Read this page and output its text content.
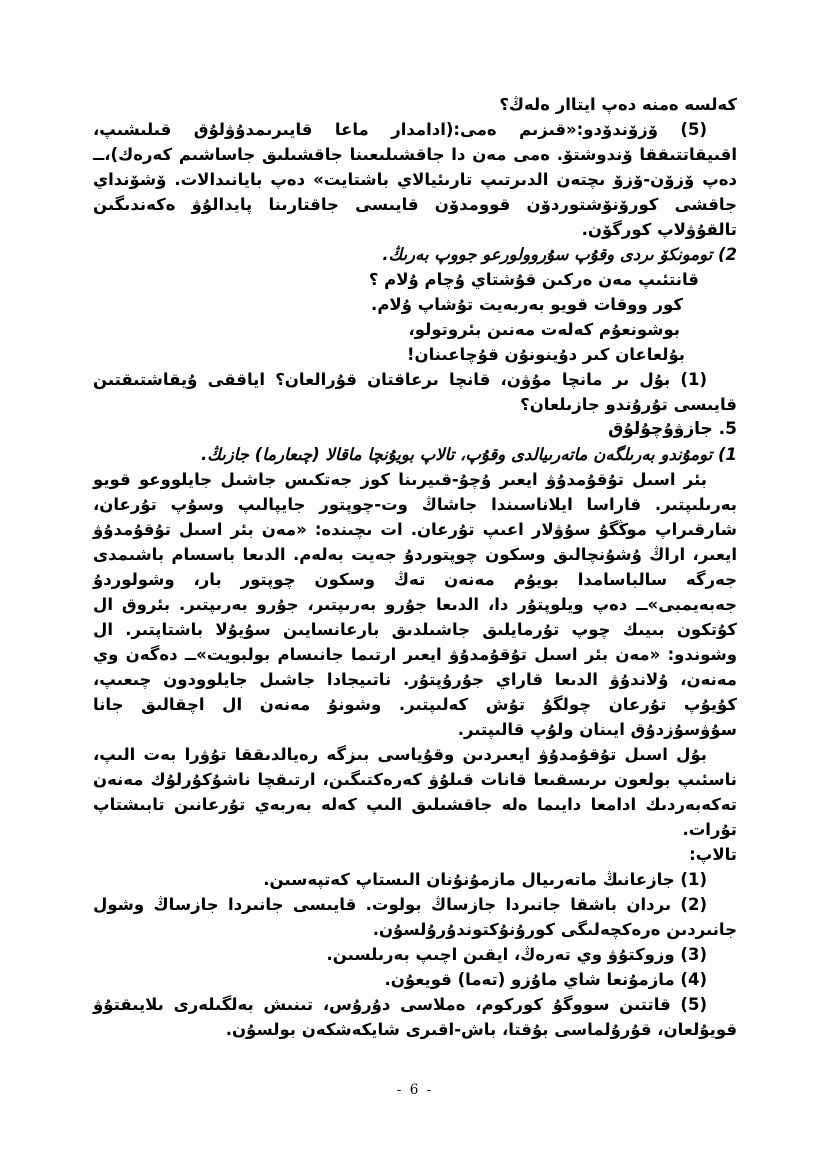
كەلسە ەمنە دەپ ايتاار ەلەڭ؟

(5) ۆزۆندۆدو:«قىزىم ەمى:(ادامدار ماعا قايىرىمدۇۋلۇق قىلىشىپ، اقىيقاتتىققا ۆندوشتۆ. ەمى مەن دا جاقشىلىعىنا جاقشىلىق جاساشىم كەرەك)،ــ دەپ ۆزۆن-ۆزۆ ىچتەن الدىرتىپ تارىئيالاي باشتايت» دەپ بايانىدالات. ۆشۆنداي جاقشى كورۆنۆشتوردۆن قوومدۆن قايىسى جاقتارىنا پايدالۇۋ ەكەندىگىن تالقۇۋلاپ كورگۆن.

2) تومونكۆ ىردى وقۇپ سۇروولورعو جووپ بەرىڭ.

قانتئىپ مەن ەركىن قۇشتاي ۇچام ۇلام ؟
كور ووقات قويو بەربەيت تۇشاپ ۇلام.
بوشونعۇم كەلەت مەنىن بئروتولو،
بۇلعاعان كىر دۇينونۇن قۇچاعىنان!

(1) بۇل ىر مانچا مۇۋن، قانچا ىرعاقتان قۇرالعان؟ اياققى ۇيقاشتىقتىن قايىسى تۇرۇندو جازىلعان؟

5. جازۋۇچۇلۇق

1) تومۇندو بەرىلگەن ماتەرىيالدى وقۇپ، تالاپ بويۇنچا ماقالا (چىعارما) جازىڭ.

بئر اسىل تۇقۇمدۇۋ ايعىر ۇچۇ-قىيرىنا كوز جەتكىس جاشىل جايلووعو قويو بەرىلىپتىر. قاراسا ايلاناسىندا جاشاڭ وت-چوپتور جايپالىپ وسۇپ تۇرعان، شارقىراپ موڭگۇ سۇۋلار اعىپ تۇرعان. ات ىچىندە: «مەن بئر اسىل تۇقۇمدۇۋ ايعىر، اراڭ ۇشۇنچالىق وسكون چوپتوردۇ جەيت بەلەم. الدىعا باسسام باشىمدى جەرگە سالباسامدا بويۇم مەنەن تەڭ وسكون چوپتور بار، وشولوردۇ جەبەيمبى»ــ دەپ ويلوپتۇر دا، الدىعا جۇرو بەرىپتىر، جۇرو بەرىپتىر. بئروق ال كۇتكون بىيىك چوپ تۇرمايلىق جاشىلدىق بارعانسايىن سۇيۇلا باشتاپتىر. ال وشوندو: «مەن بئر اسىل تۇقۇمدۇۋ ايعىر ارتىما جانىسام بولبويت»ــ دەگەن وي مەنەن، ۇلاندۇۋ الدىعا قاراي جۇرۇپتۇر. ناتىيجادا جاشىل جايلوودون چىعىپ، كۇيۇپ تۇرعان چولگۇ تۇش كەلىپتىر. وشونۇ مەنەن ال اچقالىق جانا سۇۋسۇزدۇق ايىنان ولۇپ قالىپتىر.

بۇل اسىل تۇقۇمدۇۋ ايعىردىن وقۇياسى بىزگە رەيالدىققا تۇۋرا بەت الىپ، ناسئىپ بولعون ىرىسقىعا قانات قىلۇۋ كەرەكتىگىن، ارتىقچا ناشۇكۇرلۇك مەنەن تەكەبەردىك ادامعا دايىما ەلە جاقشىلىق الىپ كەلە بەربەي تۇرعانىن تابىشتاپ تۇرات.

تالاپ:

(1) جازعانىڭ ماتەرىيال مازمۇنۇنان الىستاپ كەتپەسىن.

(2) ىردان باشقا جانىردا جازساڭ بولوت. قايىسى جانىردا جازساڭ وشول جانىردىن ەرەكچەلىگى كورۇنۇكتوندۇرۇلسۇن.

(3) وزوكتۇۋ وي تەرەڭ، ايقىن اچىپ بەرىلسىن.

(4) مازمۇنعا شاي ماۇزو (تەما) قويعۇن.

(5) قاتتىن سووگۇ كوركوم، ەملاسى دۇرۇس، تىنىش بەلگىلەرى ىلايىقتۇۋ قويۇلعان، قۇرۇلماسى بۇقتا، باش-اقىرى شايكەشكەن بولسۇن.

- 6 -
